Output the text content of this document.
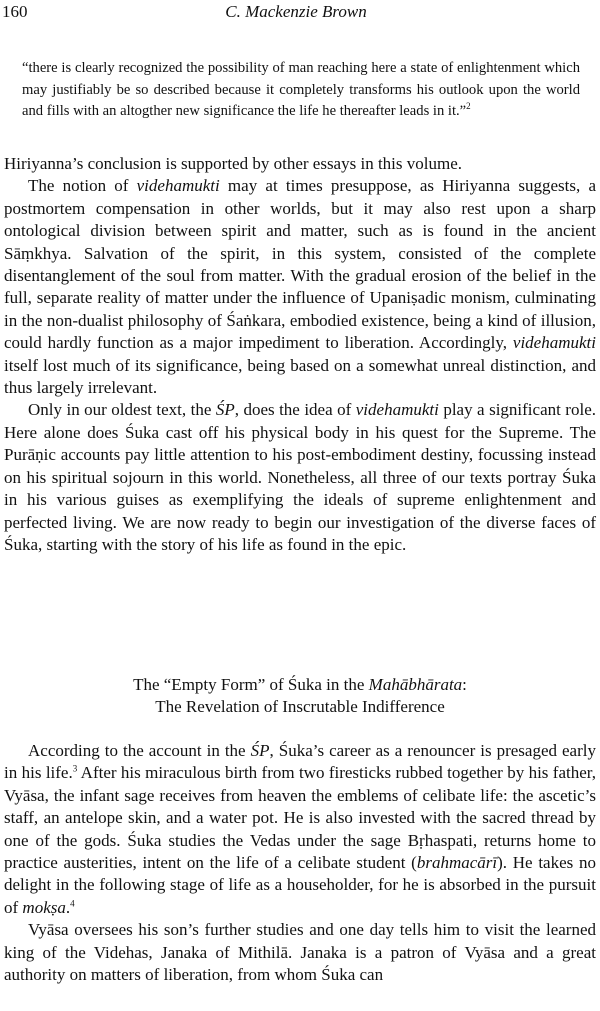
160	C. Mackenzie Brown

“there is clearly recognized the possibility of man reaching here a state of enlightenment which may justifiably be so described because it completely transforms his outlook upon the world and fills with an altogther new significance the life he thereafter leads in it.”$^2$

Hiriyanna’s conclusion is supported by other essays in this volume.

The notion of videhamukti may at times presuppose, as Hiriyanna suggests, a postmortem compensation in other worlds, but it may also rest upon a sharp ontological division between spirit and matter, such as is found in the ancient Sāṃkhya. Salvation of the spirit, in this system, consisted of the complete disentanglement of the soul from matter. With the gradual erosion of the belief in the full, separate reality of matter under the influence of Upaniṣadic monism, culminating in the non-dualist philosophy of Śaṅkara, embodied existence, being a kind of illusion, could hardly function as a major impediment to liberation. Accordingly, videhamukti itself lost much of its significance, being based on a somewhat unreal distinction, and thus largely irrelevant.

Only in our oldest text, the ŚP, does the idea of videhamukti play a significant role. Here alone does Śuka cast off his physical body in his quest for the Supreme. The Purāṇic accounts pay little attention to his post-embodiment destiny, focussing instead on his spiritual sojourn in this world. Nonetheless, all three of our texts portray Śuka in his various guises as exemplifying the ideals of supreme enlightenment and perfected living. We are now ready to begin our investigation of the diverse faces of Śuka, starting with the story of his life as found in the epic.

The “Empty Form” of Śuka in the Mahābhārata:
The Revelation of Inscrutable Indifference

According to the account in the ŚP, Śuka’s career as a renouncer is presaged early in his life.$^3$ After his miraculous birth from two firesticks rubbed together by his father, Vyāsa, the infant sage receives from heaven the emblems of celibate life: the ascetic’s staff, an antelope skin, and a water pot. He is also invested with the sacred thread by one of the gods. Śuka studies the Vedas under the sage Bṛhaspati, returns home to practice austerities, intent on the life of a celibate student (brahmacārī). He takes no delight in the following stage of life as a householder, for he is absorbed in the pursuit of mokṣa.$^4$

Vyāsa oversees his son’s further studies and one day tells him to visit the learned king of the Videhas, Janaka of Mithilā. Janaka is a patron of Vyāsa and a great authority on matters of liberation, from whom Śuka can
